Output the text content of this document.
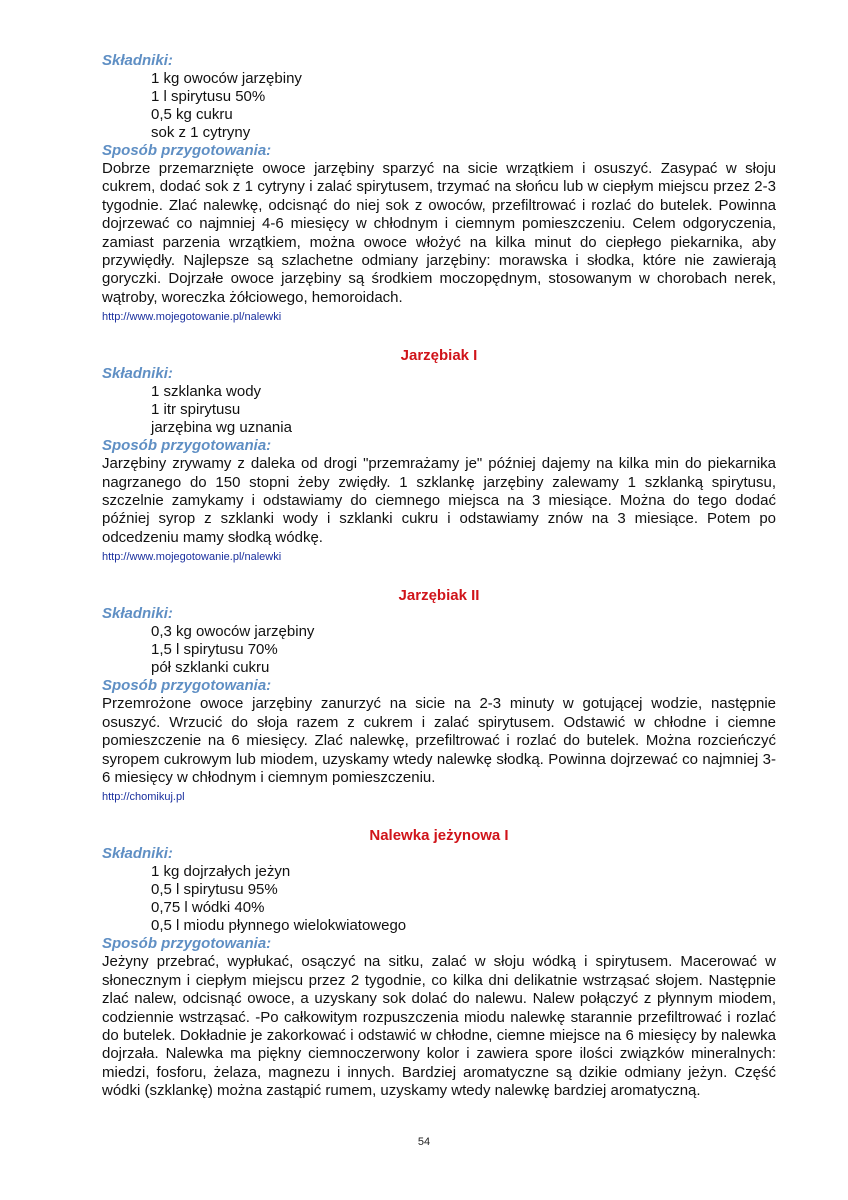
Składniki:
1 kg owoców jarzębiny
1 l spirytusu 50%
0,5 kg cukru
sok z 1 cytryny
Sposób przygotowania:

Dobrze przemarznięte owoce jarzębiny sparzyć na sicie wrzątkiem i osuszyć. Zasypać w słoju cukrem, dodać sok z 1 cytryny i zalać spirytusem, trzymać na słońcu lub w ciepłym miejscu przez 2-3 tygodnie. Zlać nalewkę, odcisnąć do niej sok z owoców, przefiltrować i rozlać do butelek. Powinna dojrzewać co najmniej 4-6 miesięcy w chłodnym i ciemnym pomieszczeniu. Celem odgoryczenia, zamiast parzenia wrzątkiem, można owoce włożyć na kilka minut do ciepłego piekarnika, aby przywiędły. Najlepsze są szlachetne odmiany jarzębiny: morawska i słodka, które nie zawierają goryczki. Dojrzałe owoce jarzębiny są środkiem moczopędnym, stosowanym w chorobach nerek, wątroby, woreczka żółciowego, hemoroidach.

http://www.mojegotowanie.pl/nalewki
Jarzębiak I
Składniki:
1 szklanka wody
1 itr spirytusu
jarzębina wg uznania
Sposób przygotowania:

Jarzębiny zrywamy z daleka od drogi "przemrażamy je" później dajemy na kilka min do piekarnika nagrzanego do 150 stopni żeby zwiędły. 1 szklankę jarzębiny zalewamy 1 szklanką spirytusu, szczelnie zamykamy i odstawiamy do ciemnego miejsca na 3 miesiące. Można do tego dodać później syrop z szklanki wody i szklanki cukru i odstawiamy znów na 3 miesiące. Potem po odcedzeniu mamy słodką wódkę.

http://www.mojegotowanie.pl/nalewki
Jarzębiak II
Składniki:
0,3 kg owoców jarzębiny
1,5 l spirytusu 70%
pół szklanki cukru
Sposób przygotowania:

Przemrożone owoce jarzębiny zanurzyć na sicie na 2-3 minuty w gotującej wodzie, następnie osuszyć. Wrzucić do słoja razem z cukrem i zalać spirytusem. Odstawić w chłodne i ciemne pomieszczenie na 6 miesięcy. Zlać nalewkę, przefiltrować i rozlać do butelek. Można rozcieńczyć syropem cukrowym lub miodem, uzyskamy wtedy nalewkę słodką. Powinna dojrzewać co najmniej 3-6 miesięcy w chłodnym i ciemnym pomieszczeniu.

http://chomikuj.pl
Nalewka jeżynowa I
Składniki:
1 kg dojrzałych jeżyn
0,5 l spirytusu 95%
0,75 l wódki 40%
0,5 l miodu płynnego wielokwiatowego
Sposób przygotowania:

Jeżyny przebrać, wypłukać, osączyć na sitku, zalać w słoju wódką i spirytusem. Macerować w słonecznym i ciepłym miejscu przez 2 tygodnie, co kilka dni delikatnie wstrząsać słojem. Następnie zlać nalew, odcisnąć owoce, a uzyskany sok dolać do nalewu. Nalew połączyć z płynnym miodem, codziennie wstrząsać. -Po całkowitym rozpuszczenia miodu nalewkę starannie przefiltrować i rozlać do butelek. Dokładnie je zakorkować i odstawić w chłodne, ciemne miejsce na 6 miesięcy by nalewka dojrzała. Nalewka ma piękny ciemnoczerwony kolor i zawiera spore ilości związków mineralnych: miedzi, fosforu, żelaza, magnezu i innych. Bardziej aromatyczne są dzikie odmiany jeżyn. Część wódki (szklankę) można zastąpić rumem, uzyskamy wtedy nalewkę bardziej aromatyczną.

54
